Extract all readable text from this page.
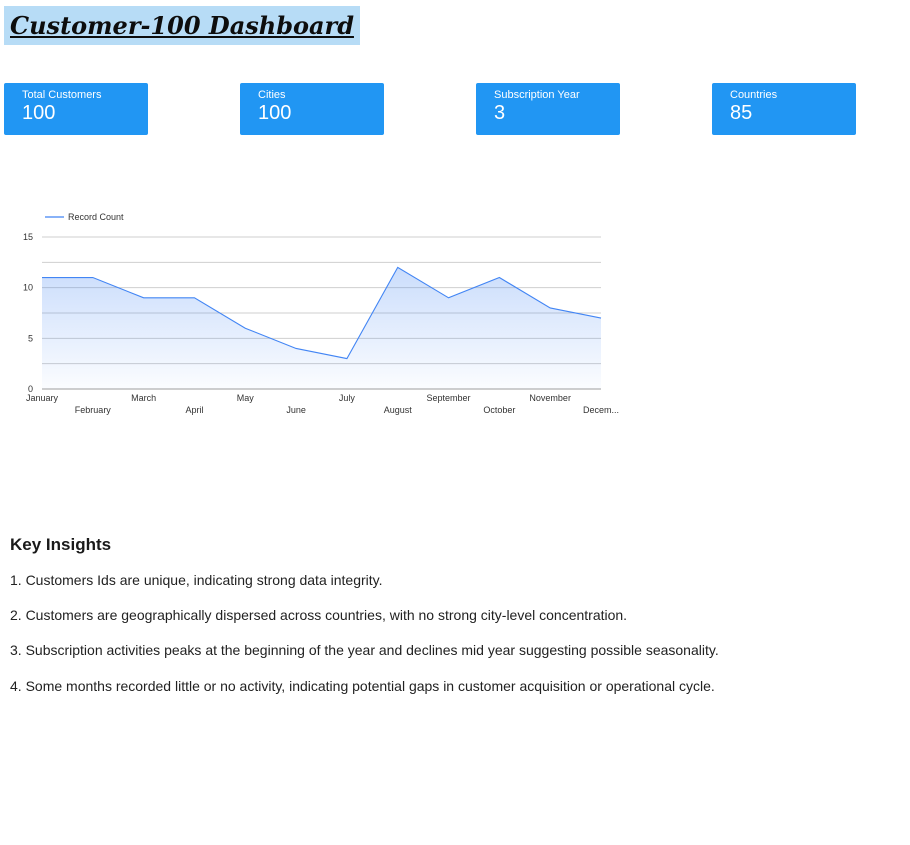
Customer-100 Dashboard
Total Customers
100
Cities
100
Subscription Year
3
Countries
85
Record Count
0
5
10
15
January
February
March
April
May
June
July
August
September
October
November
Decem...
Key Insights

1. Customers Ids are unique, indicating strong data integrity.

2. Customers are geographically dispersed across countries, with no strong city-level concentration.

3. Subscription activities peaks at the beginning of the year and declines mid year suggesting possible seasonality.

4. Some months recorded little or no activity, indicating potential gaps in customer acquisition or operational cycle.
